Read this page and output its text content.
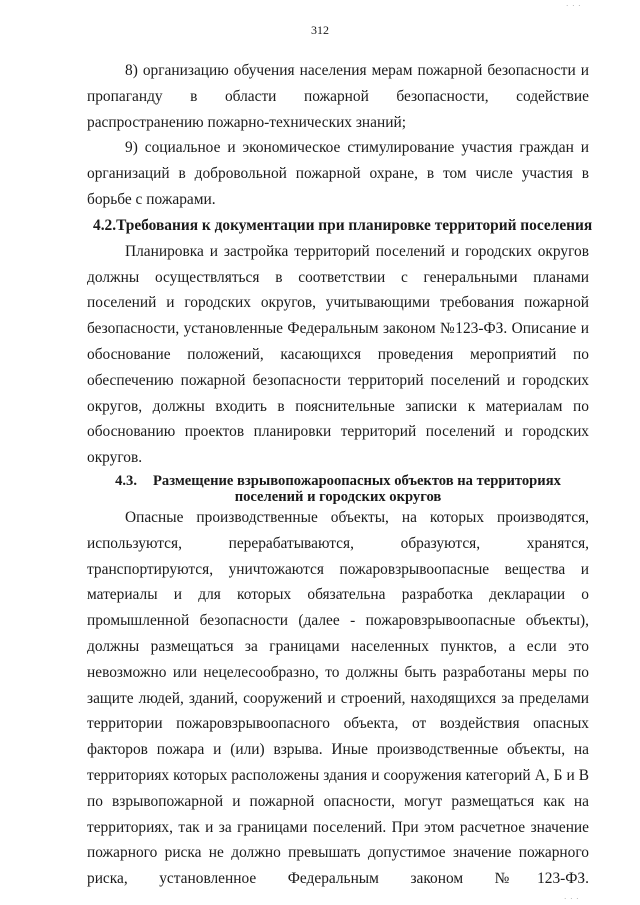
312
· · ·
· · ·

8) организацию обучения населения мерам пожарной безопасности и пропаганду в области пожарной безопасности, содействие распространению пожарно-технических знаний;

9) социальное и экономическое стимулирование участия граждан и организаций в добровольной пожарной охране, в том числе участия в борьбе с пожарами.

4.2.Требования к документации при планировке территорий поселения

Планировка и застройка территорий поселений и городских округов должны осуществляться в соответствии с генеральными планами поселений и городских округов, учитывающими требования пожарной безопасности, установленные Федеральным законом №123-ФЗ. Описание и обоснование положений, касающихся проведения мероприятий по обеспечению пожарной безопасности территорий поселений и городских округов, должны входить в пояснительные записки к материалам по обоснованию проектов планировки территорий поселений и городских округов.

4.3. Размещение взрывопожароопасных объектов на территориях поселений и городских округов

Опасные производственные объекты, на которых производятся, используются, перерабатываются, образуются, хранятся, транспортируются, уничтожаются пожаровзрывоопасные вещества и материалы и для которых обязательна разработка декларации о промышленной безопасности (далее - пожаровзрывоопасные объекты), должны размещаться за границами населенных пунктов, а если это невозможно или нецелесообразно, то должны быть разработаны меры по защите людей, зданий, сооружений и строений, находящихся за пределами территории пожаровзрывоопасного объекта, от воздействия опасных факторов пожара и (или) взрыва. Иные производственные объекты, на территориях которых расположены здания и сооружения категорий А, Б и В по взрывопожарной и пожарной опасности, могут размещаться как на территориях, так и за границами поселений. При этом расчетное значение пожарного риска не должно превышать допустимое значение пожарного риска, установленное Федеральным законом №123-ФЗ.
